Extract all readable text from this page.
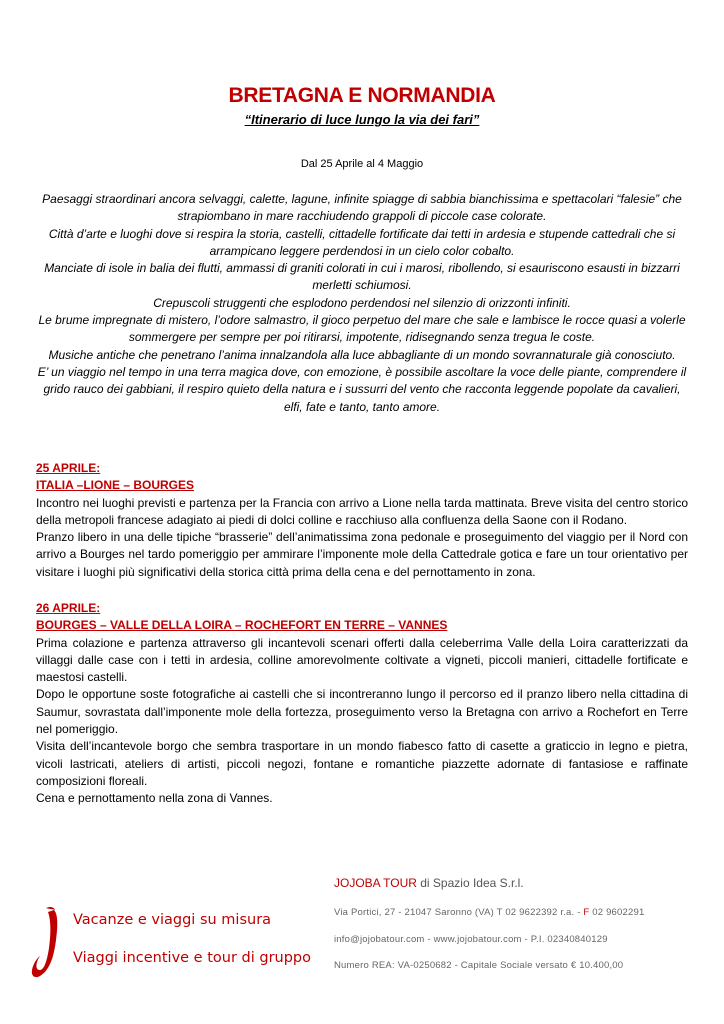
BRETAGNA E NORMANDIA
“Itinerario di luce lungo la via dei fari”
Dal 25 Aprile al 4 Maggio

Paesaggi straordinari ancora selvaggi, calette, lagune, infinite spiagge di sabbia bianchissima e spettacolari “falesie” che strapiombano in mare racchiudendo grappoli di piccole case colorate.

Città d’arte e luoghi dove si respira la storia, castelli, cittadelle fortificate dai tetti in ardesia e stupende cattedrali che si arrampicano leggere perdendosi in un cielo color cobalto.

Manciate di isole in balia dei flutti, ammassi di graniti colorati in cui i marosi, ribollendo, si esauriscono esausti in bizzarri merletti schiumosi.

Crepuscoli struggenti che esplodono perdendosi nel silenzio di orizzonti infiniti.

Le brume impregnate di mistero, l’odore salmastro, il gioco perpetuo del mare che sale e lambisce le rocce quasi a volerle sommergere per sempre per poi ritirarsi, impotente, ridisegnando senza tregua le coste.

Musiche antiche che penetrano l’anima innalzandola alla luce abbagliante di un mondo sovrannaturale già conosciuto.

E’ un viaggio nel tempo in una terra magica dove, con emozione, è possibile ascoltare la voce delle piante, comprendere il grido rauco dei gabbiani, il respiro quieto della natura e i sussurri del vento che racconta leggende popolate da cavalieri, elfi, fate e tanto, tanto amore.

25 APRILE:
ITALIA –LIONE – BOURGES

Incontro nei luoghi previsti e partenza per la Francia con arrivo a Lione nella tarda mattinata. Breve visita del centro storico della metropoli francese adagiato ai piedi di dolci colline e racchiuso alla confluenza della Saone con il Rodano.

Pranzo libero in una delle tipiche “brasserie” dell’animatissima zona pedonale e proseguimento del viaggio per il Nord con arrivo a Bourges nel tardo pomeriggio per ammirare l’imponente mole della Cattedrale gotica e fare un tour orientativo per visitare i luoghi più significativi della storica città prima della cena e del pernottamento in zona.

26 APRILE:
BOURGES – VALLE DELLA LOIRA – ROCHEFORT EN TERRE – VANNES

Prima colazione e partenza attraverso gli incantevoli scenari offerti dalla celeberrima Valle della Loira caratterizzati da villaggi dalle case con i tetti in ardesia, colline amorevolmente coltivate a vigneti, piccoli manieri, cittadelle fortificate e maestosi castelli.

Dopo le opportune soste fotografiche ai castelli che si incontreranno lungo il percorso ed il pranzo libero nella cittadina di Saumur, sovrastata dall’imponente mole della fortezza, proseguimento verso la Bretagna con arrivo a Rochefort en Terre nel pomeriggio.

Visita dell’incantevole borgo che sembra trasportare in un mondo fiabesco fatto di casette a graticcio in legno e pietra, vicoli lastricati, ateliers di artisti, piccoli negozi, fontane e romantiche piazzette adornate di fantasiose e raffinate composizioni floreali.

Cena e pernottamento nella zona di Vannes.

Vacanze e viaggi su misura
Viaggi incentive e tour di gruppo
JOJOBA TOUR di Spazio Idea S.r.l.
Via Portici, 27 - 21047 Saronno (VA) T 02 9622392 r.a. - F 02 9602291
info@jojobatour.com - www.jojobatour.com - P.I. 02340840129
Numero REA: VA-0250682 - Capitale Sociale versato € 10.400,00
